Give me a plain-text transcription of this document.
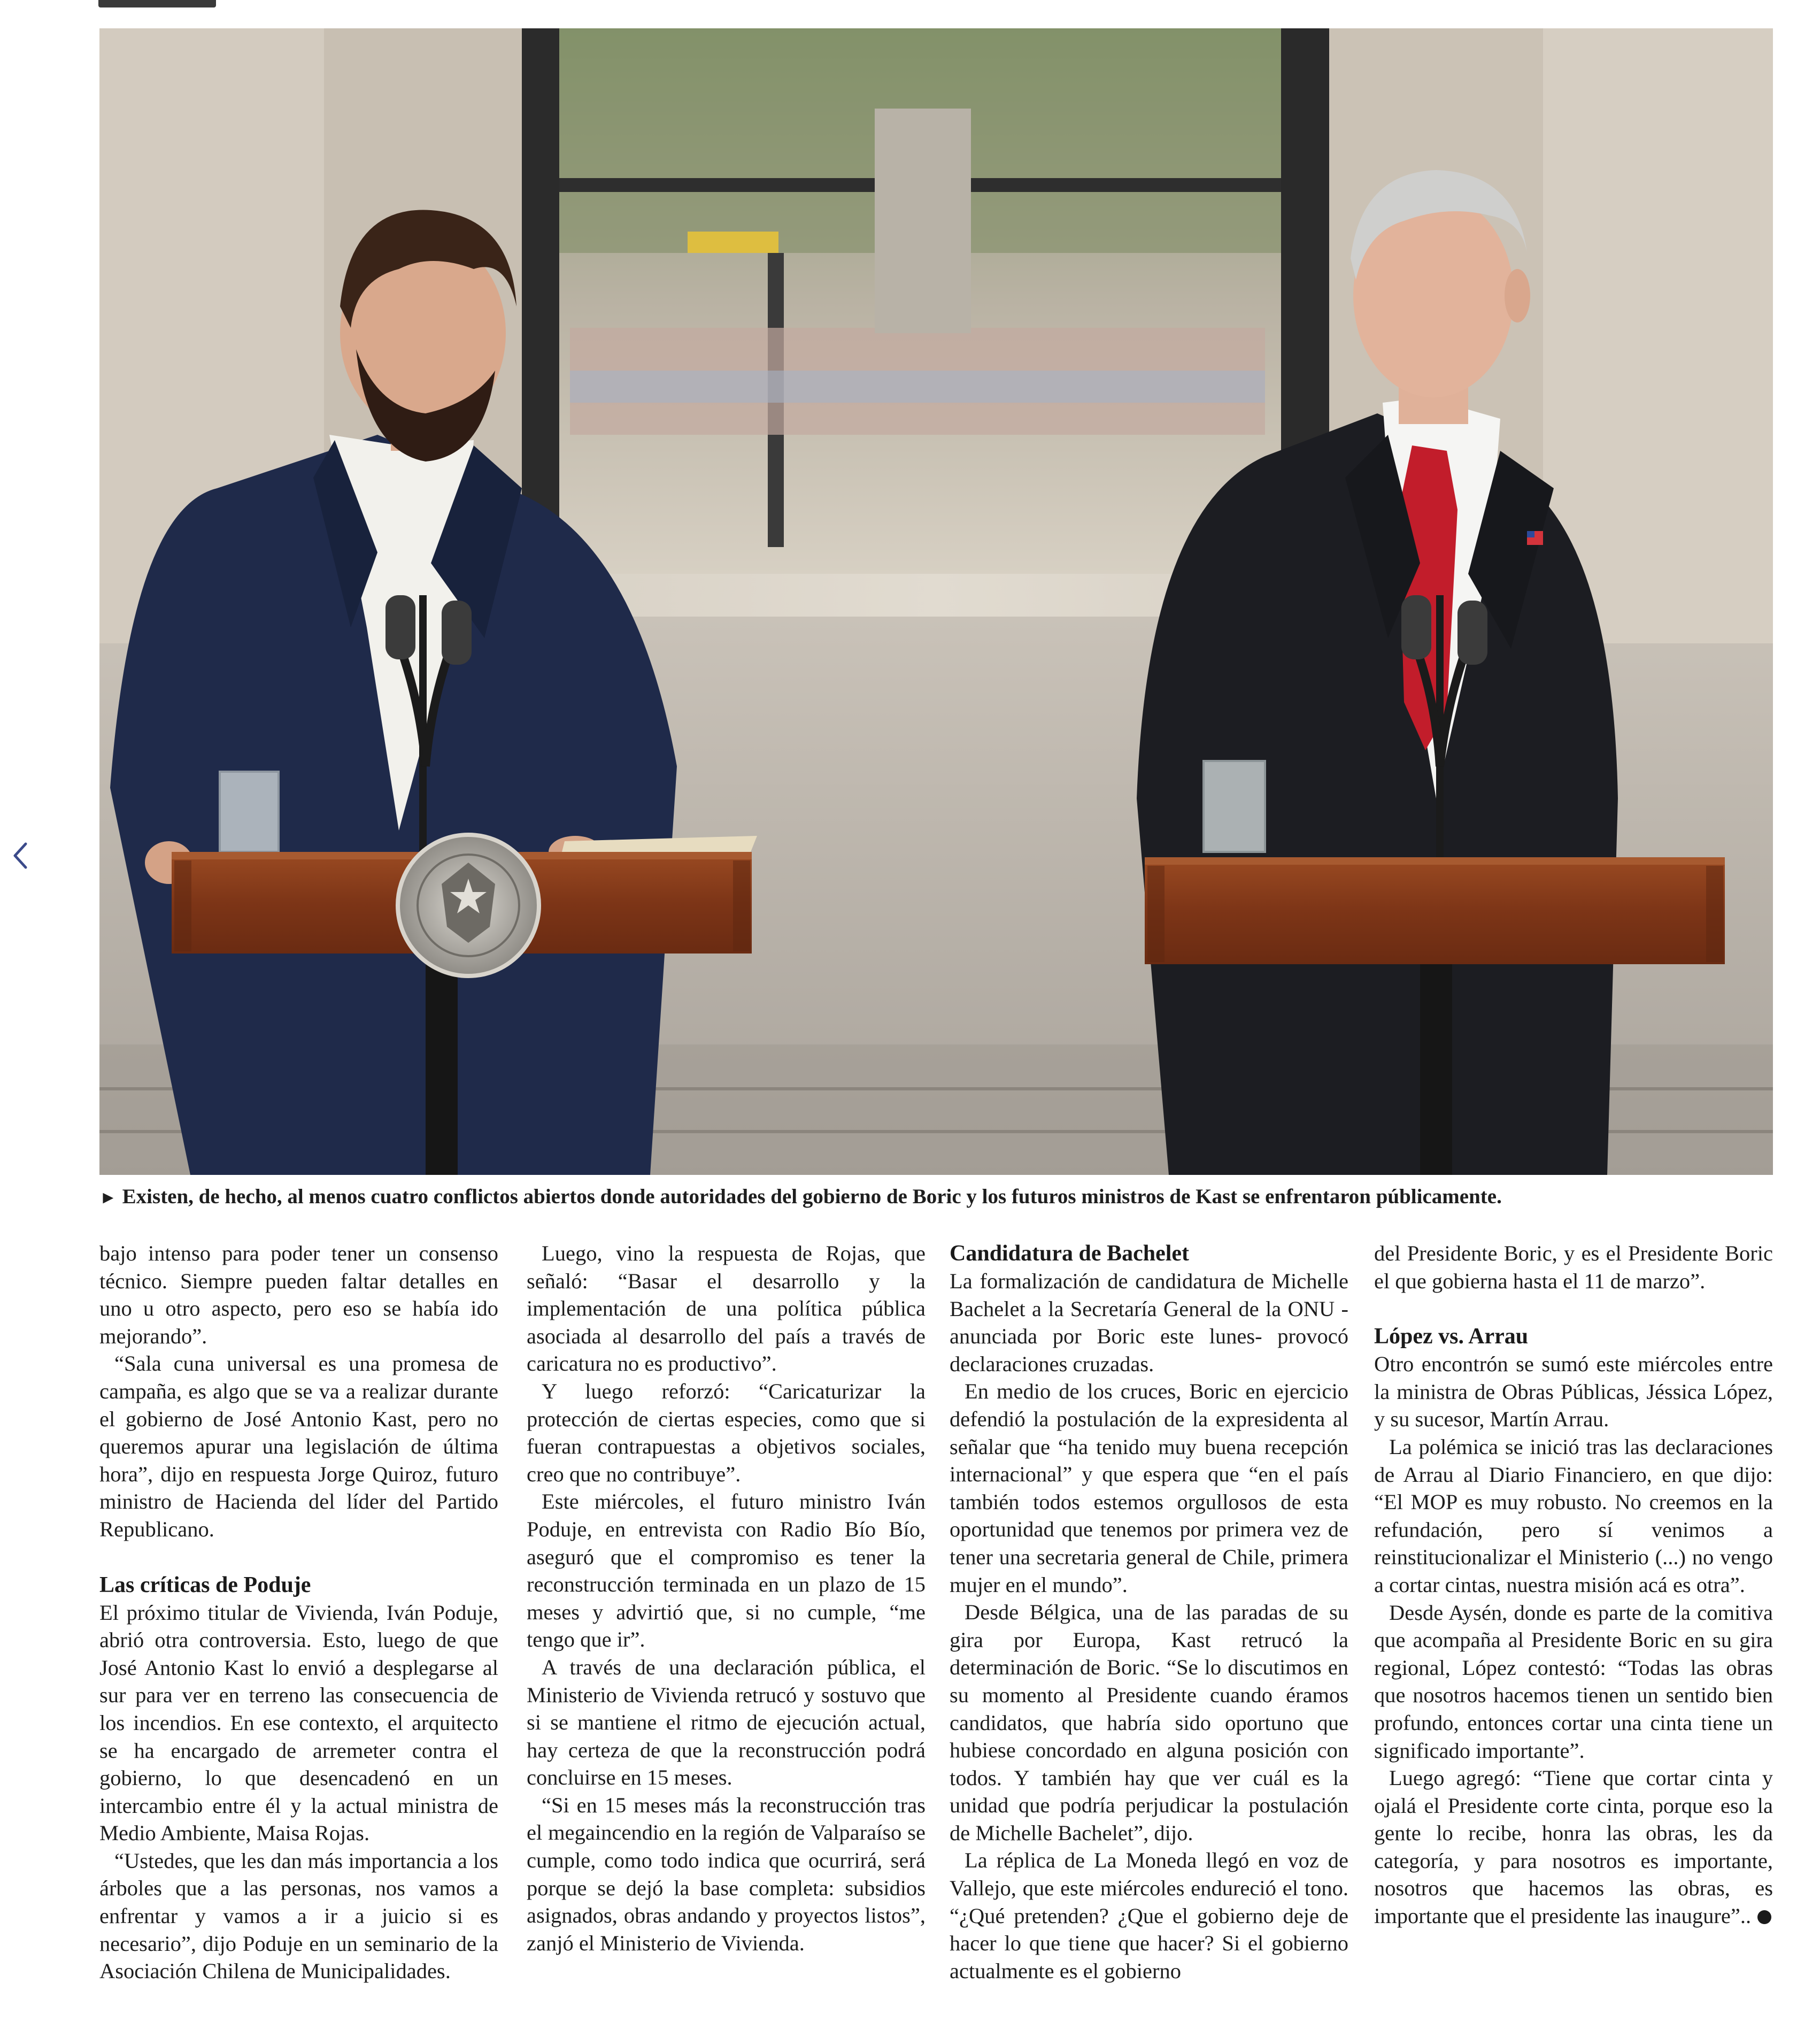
► Existen, de hecho, al menos cuatro conflictos abiertos donde autoridades del gobierno de Boric y los futuros ministros de Kast se enfrentaron públicamente.

bajo intenso para poder tener un consenso técnico. Siempre pueden faltar detalles en uno u otro aspecto, pero eso se había ido mejorando”.

“Sala cuna universal es una promesa de campaña, es algo que se va a realizar durante el gobierno de José Antonio Kast, pero no queremos apurar una legislación de última hora”, dijo en respuesta Jorge Quiroz, futuro ministro de Hacienda del líder del Partido Republicano.

Las críticas de Poduje

El próximo titular de Vivienda, Iván Poduje, abrió otra controversia. Esto, luego de que José Antonio Kast lo envió a desplegarse al sur para ver en terreno las consecuencia de los incendios. En ese contexto, el arquitecto se ha encargado de arremeter contra el gobierno, lo que desencadenó en un intercambio entre él y la actual ministra de Medio Ambiente, Maisa Rojas.

“Ustedes, que les dan más importancia a los árboles que a las personas, nos vamos a enfrentar y vamos a ir a juicio si es necesario”, dijo Poduje en un seminario de la Asociación Chilena de Municipalidades.

Luego, vino la respuesta de Rojas, que señaló: “Basar el desarrollo y la implementación de una política pública asociada al desarrollo del país a través de caricatura no es productivo”.

Y luego reforzó: “Caricaturizar la protección de ciertas especies, como que si fueran contrapuestas a objetivos sociales, creo que no contribuye”.

Este miércoles, el futuro ministro Iván Poduje, en entrevista con Radio Bío Bío, aseguró que el compromiso es tener la reconstrucción terminada en un plazo de 15 meses y advirtió que, si no cumple, “me tengo que ir”.

A través de una declaración pública, el Ministerio de Vivienda retrucó y sostuvo que si se mantiene el ritmo de ejecución actual, hay certeza de que la reconstrucción podrá concluirse en 15 meses.

“Si en 15 meses más la reconstrucción tras el megaincendio en la región de Valparaíso se cumple, como todo indica que ocurrirá, será porque se dejó la base completa: subsidios asignados, obras andando y proyectos listos”, zanjó el Ministerio de Vivienda.

Candidatura de Bachelet

La formalización de candidatura de Michelle Bachelet a la Secretaría General de la ONU -anunciada por Boric este lunes- provocó declaraciones cruzadas.

En medio de los cruces, Boric en ejercicio defendió la postulación de la expresidenta al señalar que “ha tenido muy buena recepción internacional” y que espera que “en el país también todos estemos orgullosos de esta oportunidad que tenemos por primera vez de tener una secretaria general de Chile, primera mujer en el mundo”.

Desde Bélgica, una de las paradas de su gira por Europa, Kast retrucó la determinación de Boric. “Se lo discutimos en su momento al Presidente cuando éramos candidatos, que habría sido oportuno que hubiese concordado en alguna posición con todos. Y también hay que ver cuál es la unidad que podría perjudicar la postulación de Michelle Bachelet”, dijo.

La réplica de La Moneda llegó en voz de Vallejo, que este miércoles endureció el tono. “¿Qué pretenden? ¿Que el gobierno deje de hacer lo que tiene que hacer? Si el gobierno actualmente es el gobierno

del Presidente Boric, y es el Presidente Boric el que gobierna hasta el 11 de marzo”.

López vs. Arrau

Otro encontrón se sumó este miércoles entre la ministra de Obras Públicas, Jéssica López, y su sucesor, Martín Arrau.

La polémica se inició tras las declaraciones de Arrau al Diario Financiero, en que dijo: “El MOP es muy robusto. No creemos en la refundación, pero sí venimos a reinstitucionalizar el Ministerio (...) no vengo a cortar cintas, nuestra misión acá es otra”.

Desde Aysén, donde es parte de la comitiva que acompaña al Presidente Boric en su gira regional, López contestó: “Todas las obras que nosotros hacemos tienen un sentido bien profundo, entonces cortar una cinta tiene un significado importante”.

Luego agregó: “Tiene que cortar cinta y ojalá el Presidente corte cinta, porque eso la gente lo recibe, honra las obras, les da categoría, y para nosotros es importante, nosotros que hacemos las obras, es importante que el presidente las inaugure”..
